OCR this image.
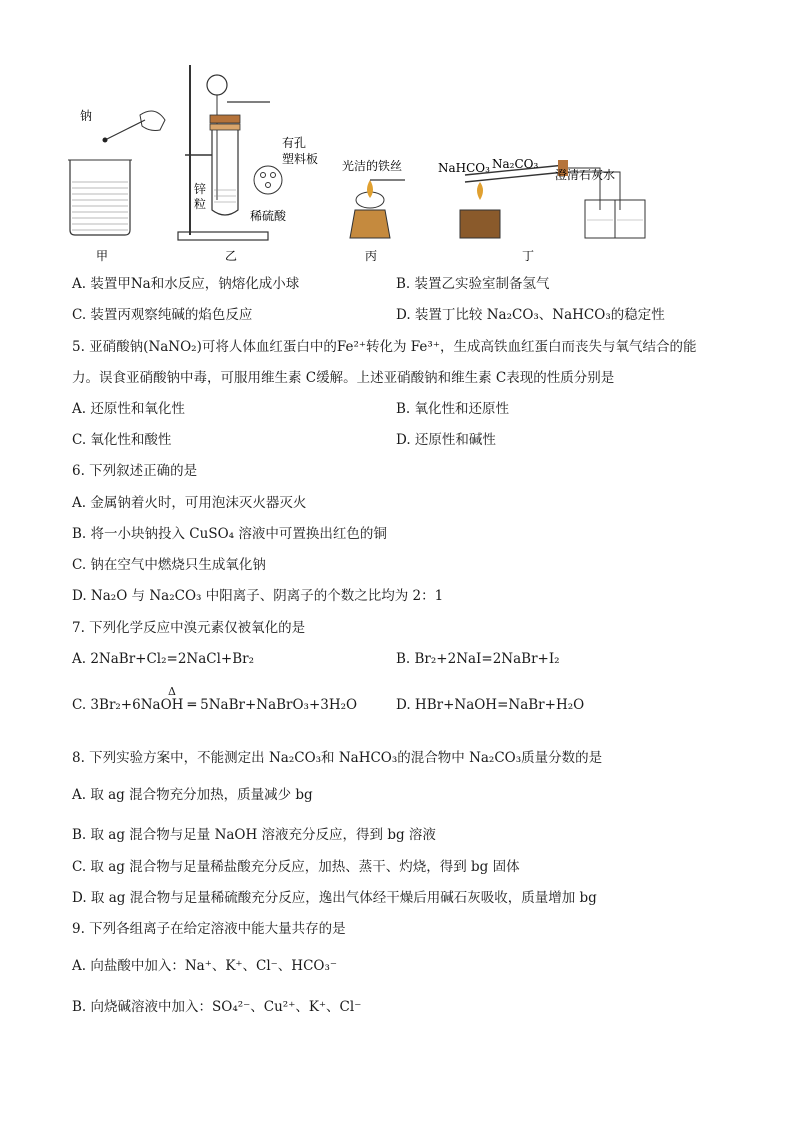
钠
甲
有孔
塑料板
锌
粒
稀硫酸
乙
光洁的铁丝
丙
NaHCO₃ Na₂CO₃
澄清石灰水
丁
A. 装置甲Na和水反应，钠熔化成小球	B. 装置乙实验室制备氢气
C. 装置丙观察纯碱的焰色反应	D. 装置丁比较 Na₂CO₃、NaHCO₃的稳定性
5. 亚硝酸钠(NaNO₂)可将人体血红蛋白中的Fe²⁺转化为 Fe³⁺，生成高铁血红蛋白而丧失与氧气结合的能
力。误食亚硝酸钠中毒，可服用维生素 C缓解。上述亚硝酸钠和维生素 C表现的性质分别是
A. 还原性和氧化性	B. 氧化性和还原性
C. 氧化性和酸性	D. 还原性和碱性
6. 下列叙述正确的是
A. 金属钠着火时，可用泡沫灭火器灭火
B. 将一小块钠投入 CuSO₄ 溶液中可置换出红色的铜
C. 钠在空气中燃烧只生成氧化钠
D. Na₂O 与 Na₂CO₃ 中阳离子、阴离子的个数之比均为 2：1
7. 下列化学反应中溴元素仅被氧化的是
A. 2NaBr+Cl₂=2NaCl+Br₂	B. Br₂+2NaI=2NaBr+I₂
Δ
C. 3Br₂+6NaOH ═ 5NaBr+NaBrO₃+3H₂O	D. HBr+NaOH=NaBr+H₂O
8. 下列实验方案中，不能测定出 Na₂CO₃和 NaHCO₃的混合物中 Na₂CO₃质量分数的是
A. 取 ag 混合物充分加热，质量减少 bg
B. 取 ag 混合物与足量 NaOH 溶液充分反应，得到 bg 溶液
C. 取 ag 混合物与足量稀盐酸充分反应，加热、蒸干、灼烧，得到 bg 固体
D. 取 ag 混合物与足量稀硫酸充分反应，逸出气体经干燥后用碱石灰吸收，质量增加 bg
9. 下列各组离子在给定溶液中能大量共存的是
A. 向盐酸中加入：Na⁺、K⁺、Cl⁻、HCO₃⁻
B. 向烧碱溶液中加入：SO₄²⁻、Cu²⁺、K⁺、Cl⁻
